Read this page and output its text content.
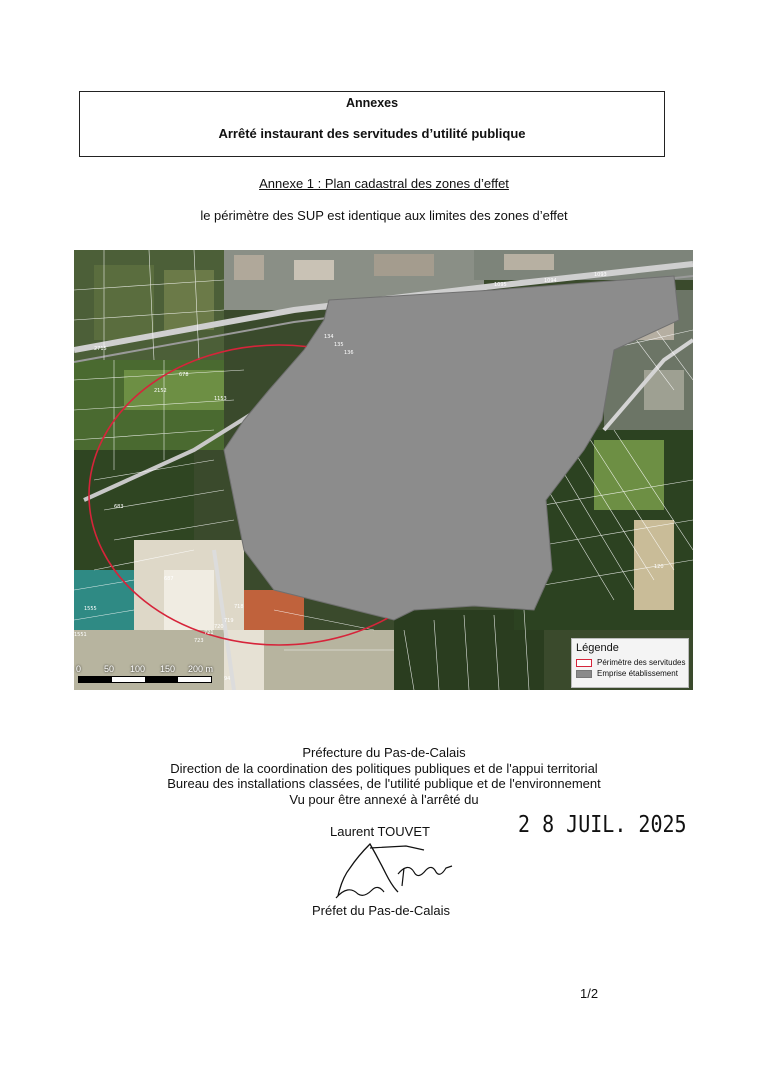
Annexes
Arrêté instaurant des servitudes d’utilité publique
Annexe 1 : Plan cadastral des zones d’effet
le périmètre des SUP est identique aux limites des zones d’effet
1095
1094
1093
134
135
136
2715
678
2152
1153
683
687
718
719
720
721
723
1551
1555
94
120
0	50 100 150 200 m
Légende
Périmètre des servitudes
Emprise établissement
Préfecture du Pas-de-Calais
Direction de la coordination des politiques publiques et de l'appui territorial
Bureau des installations classées, de l'utilité publique et de l'environnement
Vu pour être annexé à l'arrêté du
Laurent TOUVET	2 8 JUIL. 2025
Préfet du Pas-de-Calais
1/2
